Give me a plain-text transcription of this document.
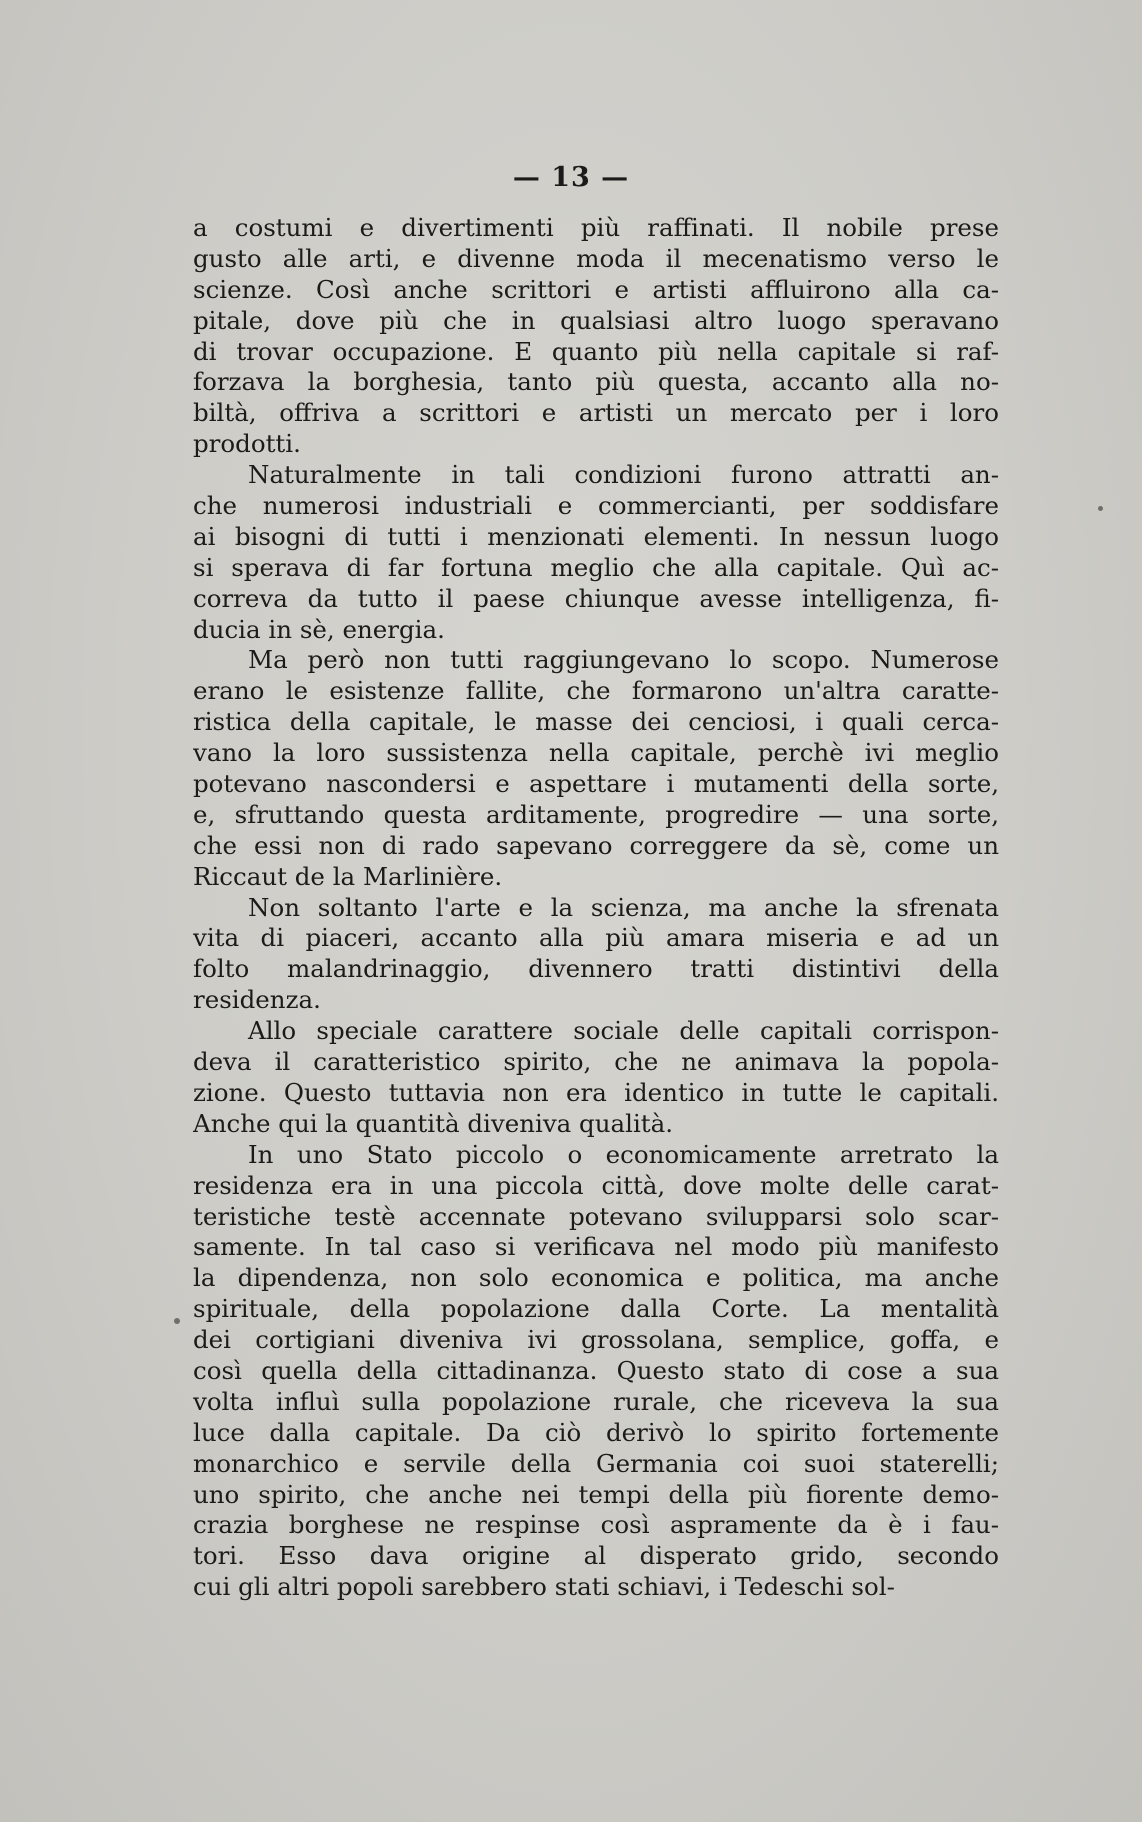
— 13 —
a costumi e divertimenti più raffinati. Il nobile prese
gusto alle arti, e divenne moda il mecenatismo verso le
scienze. Così anche scrittori e artisti affluirono alla ca-
pitale, dove più che in qualsiasi altro luogo speravano
di trovar occupazione. E quanto più nella capitale si raf-
forzava la borghesia, tanto più questa, accanto alla no-
biltà, offriva a scrittori e artisti un mercato per i loro
prodotti.
Naturalmente in tali condizioni furono attratti an-
che numerosi industriali e commercianti, per soddisfare
ai bisogni di tutti i menzionati elementi. In nessun luogo
si sperava di far fortuna meglio che alla capitale. Quì ac-
correva da tutto il paese chiunque avesse intelligenza, fi-
ducia in sè, energia.
Ma però non tutti raggiungevano lo scopo. Numerose
erano le esistenze fallite, che formarono un'altra caratte-
ristica della capitale, le masse dei cenciosi, i quali cerca-
vano la loro sussistenza nella capitale, perchè ivi meglio
potevano nascondersi e aspettare i mutamenti della sorte,
e, sfruttando questa arditamente, progredire — una sorte,
che essi non di rado sapevano correggere da sè, come un
Riccaut de la Marlinière.
Non soltanto l'arte e la scienza, ma anche la sfrenata
vita di piaceri, accanto alla più amara miseria e ad un
folto malandrinaggio, divennero tratti distintivi della
residenza.
Allo speciale carattere sociale delle capitali corrispon-
deva il caratteristico spirito, che ne animava la popola-
zione. Questo tuttavia non era identico in tutte le capitali.
Anche qui la quantità diveniva qualità.
In uno Stato piccolo o economicamente arretrato la
residenza era in una piccola città, dove molte delle carat-
teristiche testè accennate potevano svilupparsi solo scar-
samente. In tal caso si verificava nel modo più manifesto
la dipendenza, non solo economica e politica, ma anche
spirituale, della popolazione dalla Corte. La mentalità
dei cortigiani diveniva ivi grossolana, semplice, goffa, e
così quella della cittadinanza. Questo stato di cose a sua
volta influì sulla popolazione rurale, che riceveva la sua
luce dalla capitale. Da ciò derivò lo spirito fortemente
monarchico e servile della Germania coi suoi staterelli;
uno spirito, che anche nei tempi della più fiorente demo-
crazia borghese ne respinse così aspramente da è i fau-
tori. Esso dava origine al disperato grido, secondo
cui gli altri popoli sarebbero stati schiavi, i Tedeschi sol-
